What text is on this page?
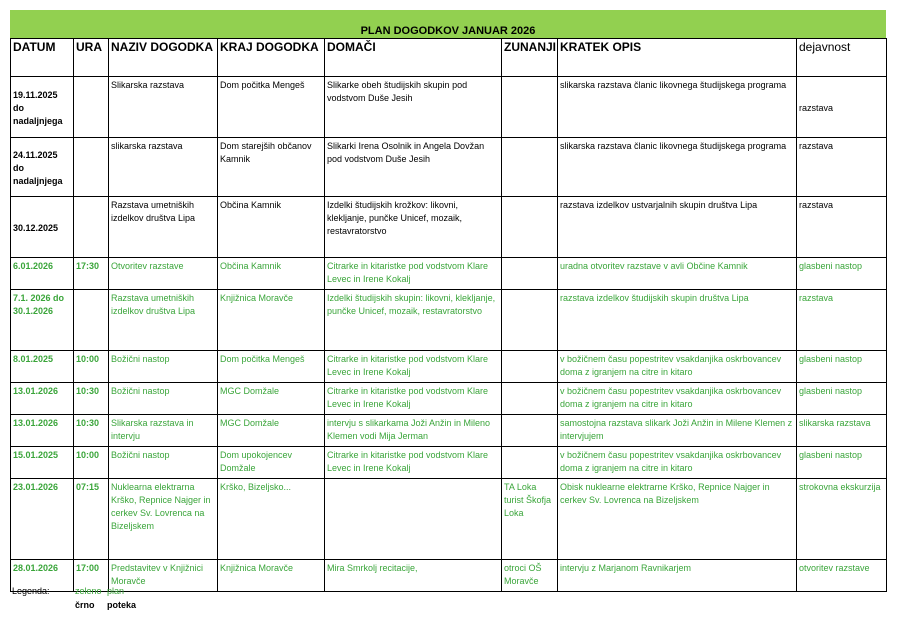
PLAN DOGODKOV JANUAR 2026
DATUM	URA	NAZIV DOGODKA	KRAJ DOGODKA	DOMAČI	ZUNANJI	KRATEK OPIS	dejavnost
19.11.2025 do nadaljnjega		Slikarska razstava	Dom počitka Mengeš	Slikarke obeh študijskih skupin pod vodstvom Duše Jesih		slikarska razstava članic likovnega študijskega programa	razstava
24.11.2025 do nadaljnjega		slikarska razstava	Dom starejših občanov Kamnik	Slikarki Irena Osolnik in Angela Dovžan pod vodstvom Duše Jesih		slikarska razstava članic likovnega študijskega programa	razstava
30.12.2025		Razstava umetniških izdelkov društva Lipa	Občina Kamnik	Izdelki študijskih krožkov: likovni, klekljanje, punčke Unicef, mozaik, restavratorstvo		razstava izdelkov ustvarjalnih skupin društva Lipa	razstava
6.01.2026	17:30	Otvoritev razstave	Občina Kamnik	Citrarke in kitaristke pod vodstvom Klare Levec in Irene Kokalj		uradna otvoritev razstave v avli Občine Kamnik	glasbeni nastop
7.1. 2026 do 30.1.2026		Razstava umetniških izdelkov društva Lipa	Knjižnica Moravče	Izdelki študijskih skupin: likovni, klekljanje, punčke Unicef, mozaik, restavratorstvo		razstava izdelkov študijskih skupin društva Lipa	razstava
8.01.2025	10:00	Božični nastop	Dom počitka Mengeš	Citrarke in kitaristke pod vodstvom Klare Levec in Irene Kokalj		v božičnem času popestritev vsakdanjika oskrbovancev doma z igranjem na citre in kitaro	glasbeni nastop
13.01.2026	10:30	Božični nastop	MGC Domžale	Citrarke in kitaristke pod vodstvom Klare Levec in Irene Kokalj		v božičnem času popestritev vsakdanjika oskrbovancev doma z igranjem na citre in kitaro	glasbeni nastop
13.01.2026	10:30	Slikarska razstava in intervju	MGC Domžale	intervju s slikarkama Joži Anžin in Mileno Klemen vodi Mija Jerman		samostojna razstava slikark Joži Anžin in Milene Klemen z intervjujem	slikarska razstava
15.01.2025	10:00	Božični nastop	Dom upokojencev Domžale	Citrarke in kitaristke pod vodstvom Klare Levec in Irene Kokalj		v božičnem času popestritev vsakdanjika oskrbovancev doma z igranjem na citre in kitaro	glasbeni nastop
23.01.2026	07:15	Nuklearna elektrarna Krško, Repnice Najger in cerkev Sv. Lovrenca na Bizeljskem	Krško, Bizeljsko...		TA Loka turist Škofja Loka	Obisk nuklearne elektrarne Krško, Repnice Najger in cerkev Sv. Lovrenca na Bizeljskem	strokovna ekskurzija
28.01.2026	17:00	Predstavitev v Knjižnici Moravče	Knjižnica Moravče	Mira Smrkolj recitacije,	otroci OŠ Moravče	intervju z Marjanom Ravnikarjem	otvoritev razstave
Legenda:	zeleno plan
črno poteka
